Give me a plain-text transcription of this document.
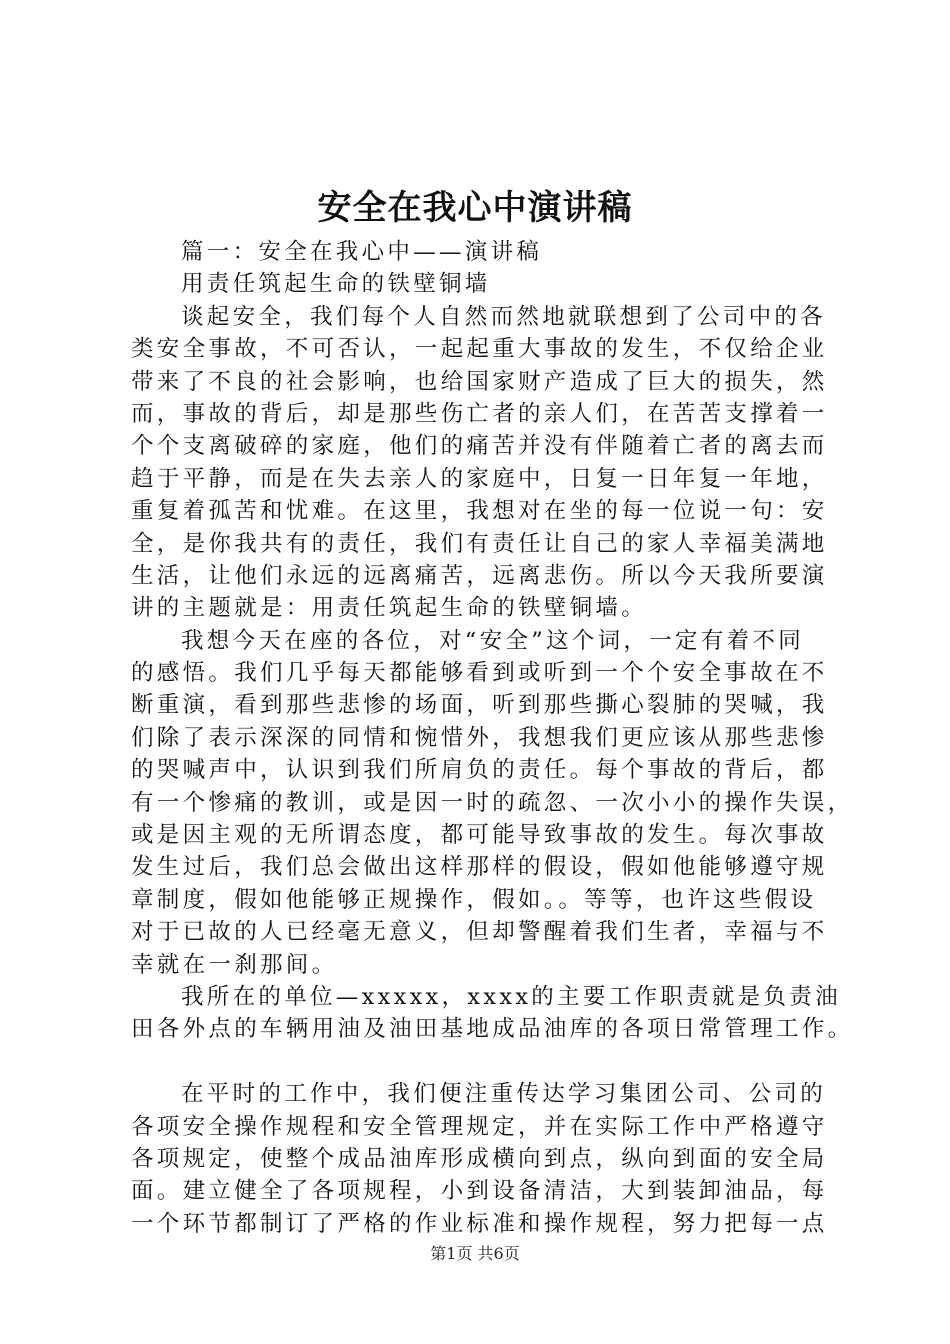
安全在我心中演讲稿
篇一：安全在我心中——演讲稿
用责任筑起生命的铁壁铜墙
谈起安全，我们每个人自然而然地就联想到了公司中的各
类安全事故，不可否认，一起起重大事故的发生，不仅给企业
带来了不良的社会影响，也给国家财产造成了巨大的损失，然
而，事故的背后，却是那些伤亡者的亲人们，在苦苦支撑着一
个个支离破碎的家庭，他们的痛苦并没有伴随着亡者的离去而
趋于平静，而是在失去亲人的家庭中，日复一日年复一年地，
重复着孤苦和忧难。在这里，我想对在坐的每一位说一句：安
全，是你我共有的责任，我们有责任让自己的家人幸福美满地
生活，让他们永远的远离痛苦，远离悲伤。所以今天我所要演
讲的主题就是：用责任筑起生命的铁壁铜墙。
我想今天在座的各位，对“安全”这个词，一定有着不同
的感悟。我们几乎每天都能够看到或听到一个个安全事故在不
断重演，看到那些悲惨的场面，听到那些撕心裂肺的哭喊，我
们除了表示深深的同情和惋惜外，我想我们更应该从那些悲惨
的哭喊声中，认识到我们所肩负的责任。每个事故的背后，都
有一个惨痛的教训，或是因一时的疏忽、一次小小的操作失误，
或是因主观的无所谓态度，都可能导致事故的发生。每次事故
发生过后，我们总会做出这样那样的假设，假如他能够遵守规
章制度，假如他能够正规操作，假如。。等等，也许这些假设
对于已故的人已经毫无意义，但却警醒着我们生者，幸福与不
幸就在一刹那间。
我所在的单位—xxxxx，xxxx的主要工作职责就是负责油
田各外点的车辆用油及油田基地成品油库的各项日常管理工作。
在平时的工作中，我们便注重传达学习集团公司、公司的
各项安全操作规程和安全管理规定，并在实际工作中严格遵守
各项规定，使整个成品油库形成横向到点，纵向到面的安全局
面。建立健全了各项规程，小到设备清洁，大到装卸油品，每
一个环节都制订了严格的作业标准和操作规程，努力把每一点
第1页 共6页
